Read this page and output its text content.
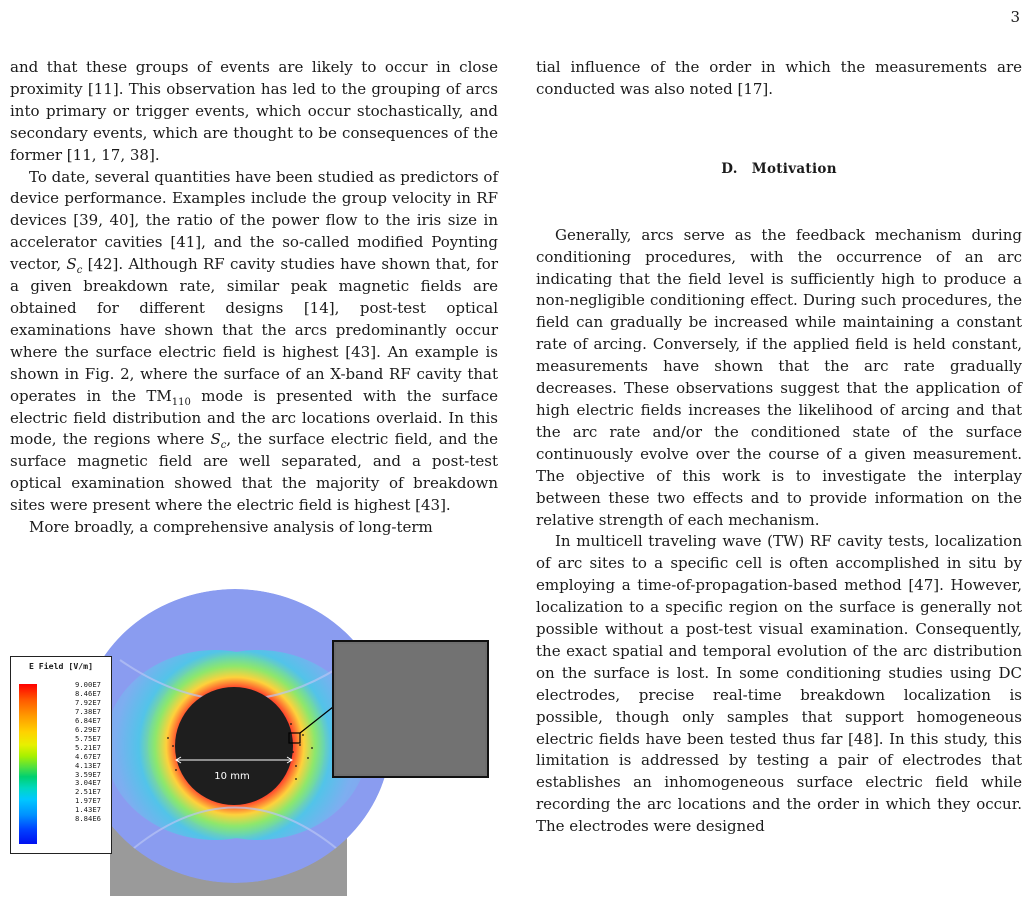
3

and that these groups of events are likely to occur in close proximity [11]. This observation has led to the grouping of arcs into primary or trigger events, which occur stochastically, and secondary events, which are thought to be consequences of the former [11, 17, 38].

To date, several quantities have been studied as predictors of device performance. Examples include the group velocity in RF devices [39, 40], the ratio of the power flow to the iris size in accelerator cavities [41], and the so-called modified Poynting vector, $S_c$ [42]. Although RF cavity studies have shown that, for a given breakdown rate, similar peak magnetic fields are obtained for different designs [14], post-test optical examinations have shown that the arcs predominantly occur where the surface electric field is highest [43]. An example is shown in Fig. 2, where the surface of an X-band RF cavity that operates in the $TM_{110}$ mode is presented with the surface electric field distribution and the arc locations overlaid. In this mode, the regions where $S_c$, the surface electric field, and the surface magnetic field are well separated, and a post-test optical examination showed that the majority of breakdown sites were present where the electric field is highest [43].

More broadly, a comprehensive analysis of long-term

tial influence of the order in which the measurements are conducted was also noted [17].

D. Motivation

Generally, arcs serve as the feedback mechanism during conditioning procedures, with the occurrence of an arc indicating that the field level is sufficiently high to produce a non-negligible conditioning effect. During such procedures, the field can gradually be increased while maintaining a constant rate of arcing. Conversely, if the applied field is held constant, measurements have shown that the arc rate gradually decreases. These observations suggest that the application of high electric fields increases the likelihood of arcing and that the arc rate and/or the conditioned state of the surface continuously evolve over the course of a given measurement. The objective of this work is to investigate the interplay between these two effects and to provide information on the relative strength of each mechanism.

In multicell traveling wave (TW) RF cavity tests, localization of arc sites to a specific cell is often accomplished in situ by employing a time-of-propagation-based method [47]. However, localization to a specific region on the surface is generally not possible without a post-test visual examination. Consequently, the exact spatial and temporal evolution of the arc distribution on the surface is lost. In some conditioning studies using DC electrodes, precise real-time breakdown localization is possible, though only samples that support homogeneous electric fields have been tested thus far [48]. In this study, this limitation is addressed by testing a pair of electrodes that establishes an inhomogeneous surface electric field while recording the arc locations and the order in which they occur. The electrodes were designed

E Field [V/m]
9.00E7
8.46E7
7.92E7
7.38E7
6.84E7
6.29E7
5.75E7
5.21E7
4.67E7
4.13E7
3.59E7
3.04E7
2.51E7
1.97E7
1.43E7
8.84E6
10 mm
